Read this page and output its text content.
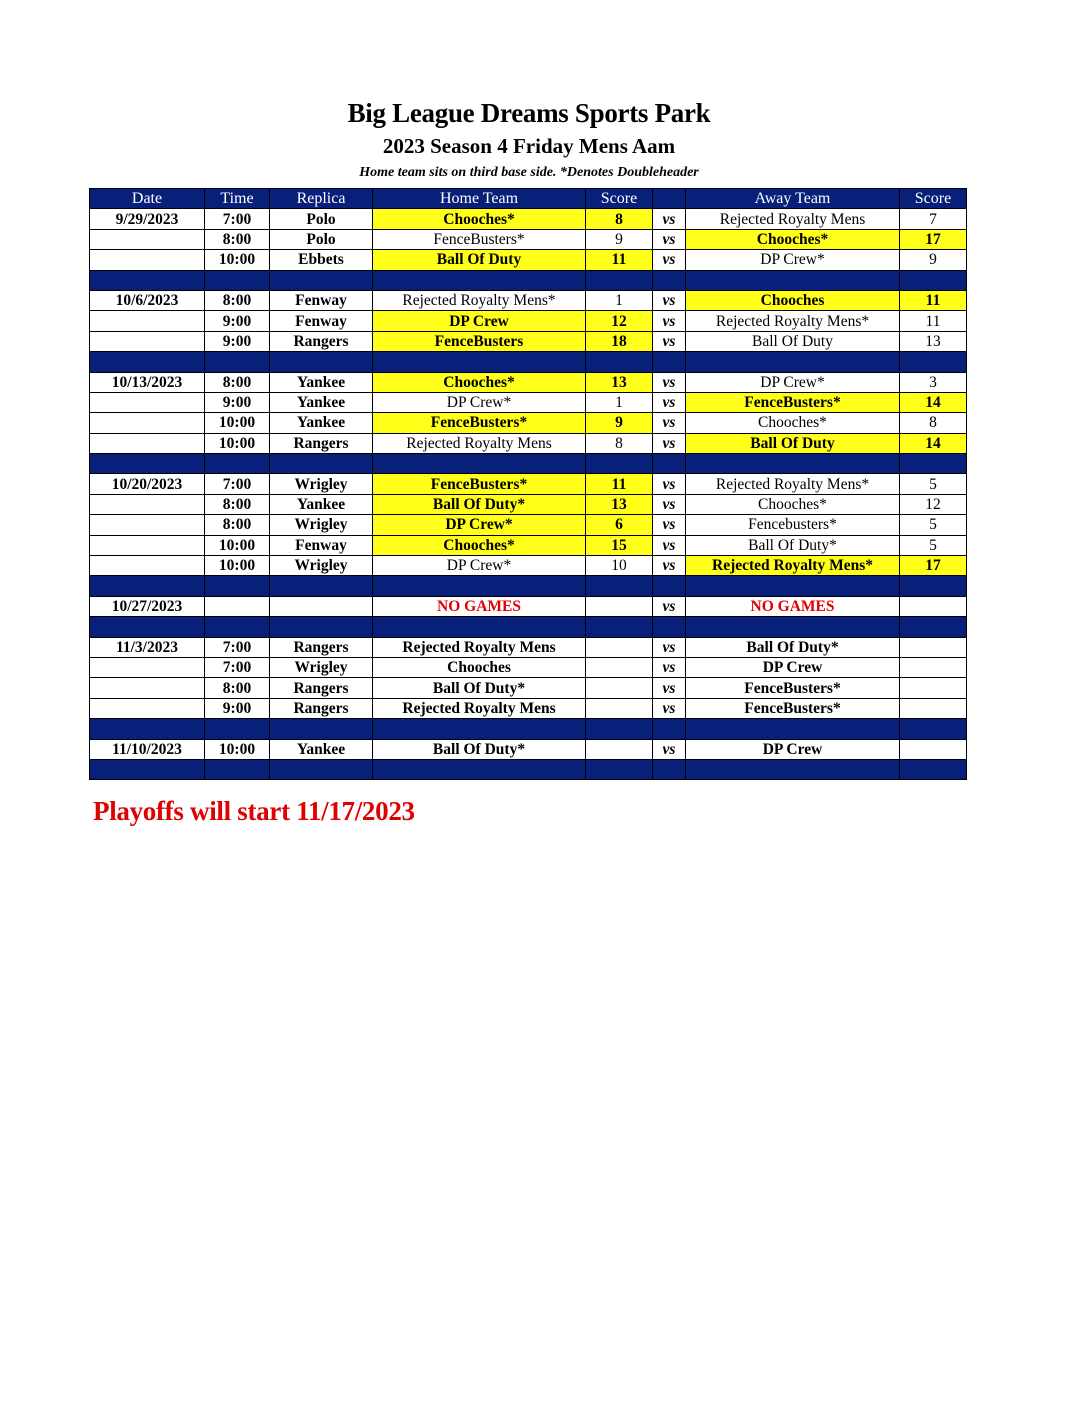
Big League Dreams Sports Park
2023 Season 4 Friday Mens Aam
Home team sits on third base side. *Denotes Doubleheader
Date	Time	Replica	Home Team	Score		Away Team	Score
9/29/2023	7:00	Polo	Chooches*	8	vs	Rejected Royalty Mens	7
	8:00	Polo	FenceBusters*	9	vs	Chooches*	17
	10:00	Ebbets	Ball Of Duty	11	vs	DP Crew*	9

10/6/2023	8:00	Fenway	Rejected Royalty Mens*	1	vs	Chooches	11
	9:00	Fenway	DP Crew	12	vs	Rejected Royalty Mens*	11
	9:00	Rangers	FenceBusters	18	vs	Ball Of Duty	13

10/13/2023	8:00	Yankee	Chooches*	13	vs	DP Crew*	3
	9:00	Yankee	DP Crew*	1	vs	FenceBusters*	14
	10:00	Yankee	FenceBusters*	9	vs	Chooches*	8
	10:00	Rangers	Rejected Royalty Mens	8	vs	Ball Of Duty	14

10/20/2023	7:00	Wrigley	FenceBusters*	11	vs	Rejected Royalty Mens*	5
	8:00	Yankee	Ball Of Duty*	13	vs	Chooches*	12
	8:00	Wrigley	DP Crew*	6	vs	Fencebusters*	5
	10:00	Fenway	Chooches*	15	vs	Ball Of Duty*	5
	10:00	Wrigley	DP Crew*	10	vs	Rejected Royalty Mens*	17

10/27/2023			NO GAMES		vs	NO GAMES	

11/3/2023	7:00	Rangers	Rejected Royalty Mens		vs	Ball Of Duty*	
	7:00	Wrigley	Chooches		vs	DP Crew	
	8:00	Rangers	Ball Of Duty*		vs	FenceBusters*	
	9:00	Rangers	Rejected Royalty Mens		vs	FenceBusters*	

11/10/2023	10:00	Yankee	Ball Of Duty*		vs	DP Crew	

Playoffs will start 11/17/2023
